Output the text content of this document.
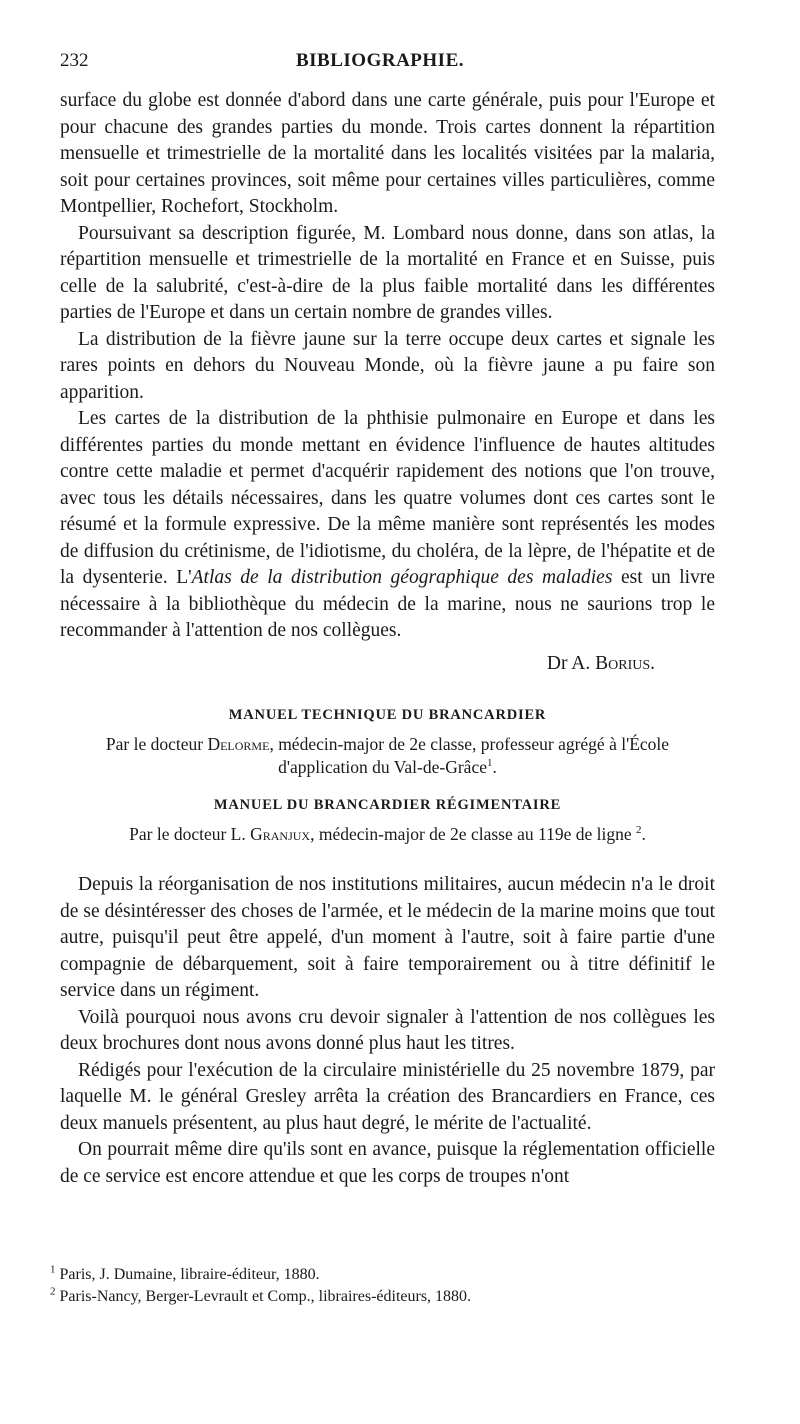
232	BIBLIOGRAPHIE.

surface du globe est donnée d'abord dans une carte générale, puis pour l'Europe et pour chacune des grandes parties du monde. Trois cartes donnent la répartition mensuelle et trimestrielle de la mortalité dans les localités visitées par la malaria, soit pour certaines provinces, soit même pour certaines villes particulières, comme Montpellier, Rochefort, Stockholm.

Poursuivant sa description figurée, M. Lombard nous donne, dans son atlas, la répartition mensuelle et trimestrielle de la mortalité en France et en Suisse, puis celle de la salubrité, c'est-à-dire de la plus faible mortalité dans les différentes parties de l'Europe et dans un certain nombre de grandes villes.

La distribution de la fièvre jaune sur la terre occupe deux cartes et signale les rares points en dehors du Nouveau Monde, où la fièvre jaune a pu faire son apparition.

Les cartes de la distribution de la phthisie pulmonaire en Europe et dans les différentes parties du monde mettant en évidence l'influence de hautes altitudes contre cette maladie et permet d'acquérir rapidement des notions que l'on trouve, avec tous les détails nécessaires, dans les quatre volumes dont ces cartes sont le résumé et la formule expressive. De la même manière sont représentés les modes de diffusion du crétinisme, de l'idiotisme, du choléra, de la lèpre, de l'hépatite et de la dysenterie. L'Atlas de la distribution géographique des maladies est un livre nécessaire à la bibliothèque du médecin de la marine, nous ne saurions trop le recommander à l'attention de nos collègues.

Dr A. Borius.
MANUEL TECHNIQUE DU BRANCARDIER
Par le docteur Delorme, médecin-major de 2e classe, professeur agrégé à l'École d'application du Val-de-Grâce$^1$.
MANUEL DU BRANCARDIER RÉGIMENTAIRE
Par le docteur L. Granjux, médecin-major de 2e classe au 119e de ligne $^2$.

Depuis la réorganisation de nos institutions militaires, aucun médecin n'a le droit de se désintéresser des choses de l'armée, et le médecin de la marine moins que tout autre, puisqu'il peut être appelé, d'un moment à l'autre, soit à faire partie d'une compagnie de débarquement, soit à faire temporairement ou à titre définitif le service dans un régiment.

Voilà pourquoi nous avons cru devoir signaler à l'attention de nos collègues les deux brochures dont nous avons donné plus haut les titres.

Rédigés pour l'exécution de la circulaire ministérielle du 25 novembre 1879, par laquelle M. le général Gresley arrêta la création des Brancardiers en France, ces deux manuels présentent, au plus haut degré, le mérite de l'actualité.

On pourrait même dire qu'ils sont en avance, puisque la réglementation officielle de ce service est encore attendue et que les corps de troupes n'ont

$^1$ Paris, J. Dumaine, libraire-éditeur, 1880.
$^2$ Paris-Nancy, Berger-Levrault et Comp., libraires-éditeurs, 1880.
